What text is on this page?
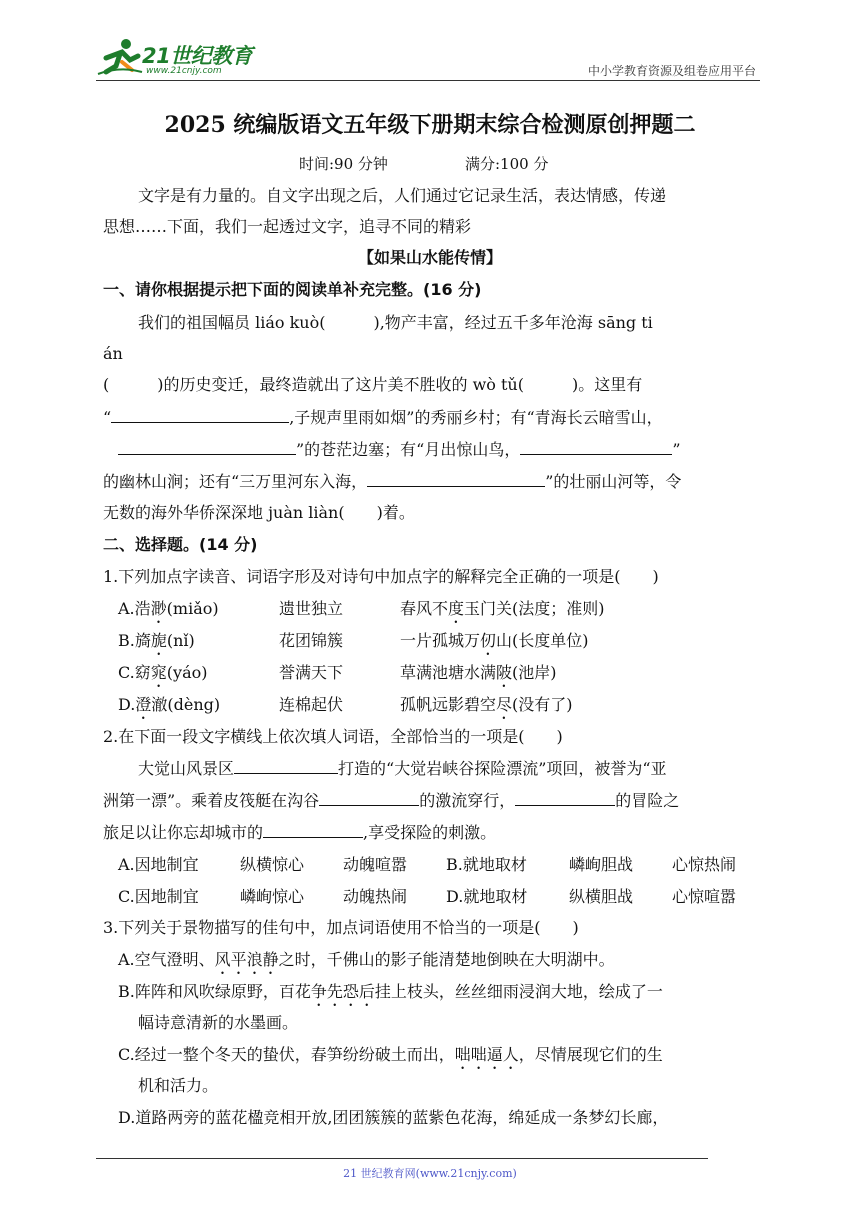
21世纪教育
www.21cnjy.com	中小学教育资源及组卷应用平台
2025 统编版语文五年级下册期末综合检测原创押题二
时间:90 分钟	满分:100 分
文字是有力量的。自文字出现之后，人们通过它记录生活，表达情感，传递
思想……下面，我们一起透过文字，追寻不同的精彩
【如果山水能传情】
一、请你根据提示把下面的阅读单补充完整。(16 分)
我们的祖国幅员 liáo kuò(　　　),物产丰富，经过五千多年沧海 sāng ti
án
(　　　)的历史变迁，最终造就出了这片美不胜收的 wò tǔ(　　　)。这里有
“	,子规声里雨如烟”的秀丽乡村；有“青海长云暗雪山，
”的苍茫边塞；有“月出惊山鸟，	”
的幽林山涧；还有“三万里河东入海，	”的壮丽山河等，令
无数的海外华侨深深地 juàn liàn(　　)着。
二、选择题。(14 分)
1.下列加点字读音、词语字形及对诗句中加点字的解释完全正确的一项是(　　)
A.浩渺(miǎo)	遗世独立	春风不度玉门关(法度；准则)
B.旖旎(nǐ)	花团锦簇	一片孤城万仞山(长度单位)
C.窈窕(yáo)	誉满天下	草满池塘水满陂(池岸)
D.澄澈(dèng)	连棉起伏	孤帆远影碧空尽(没有了)
2.在下面一段文字横线上依次填人词语，全部恰当的一项是(　　)
大觉山风景区	打造的“大觉岩峡谷探险漂流”项回，被誉为“亚
洲第一漂”。乘着皮筏艇在沟谷	的激流穿行，	的冒险之
旅足以让你忘却城市的	,享受探险的刺激。
A.因地制宜	纵横惊心 动魄喧嚣 B.就地取材	嶙峋胆战 心惊热闹
C.因地制宜	嶙峋惊心 动魄热闹 D.就地取材	纵横胆战 心惊喧嚣
3.下列关于景物描写的佳句中，加点词语使用不恰当的一项是(　　)
A.空气澄明、风平浪静之时，千佛山的影子能清楚地倒映在大明湖中。
B.阵阵和风吹绿原野，百花争先恐后挂上枝头，丝丝细雨浸润大地，绘成了一
幅诗意清新的水墨画。
C.经过一整个冬天的蛰伏，春笋纷纷破土而出，咄咄逼人，尽情展现它们的生
机和活力。
D.道路两旁的蓝花楹竞相开放,团团簇簇的蓝紫色花海，绵延成一条梦幻长廊，
21 世纪教育网(www.21cnjy.com)
